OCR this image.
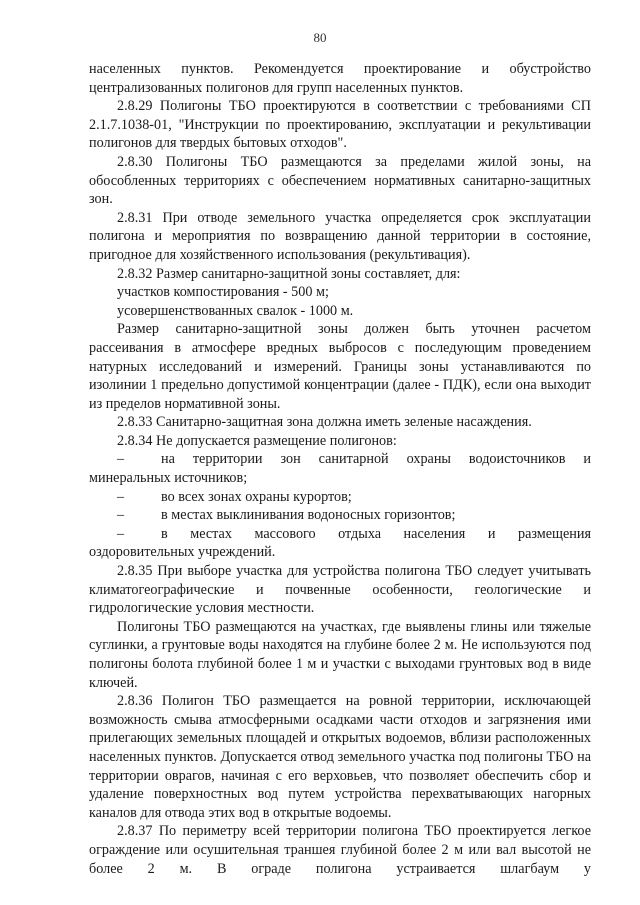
80

населенных пунктов. Рекомендуется проектирование и обустройство централизованных полигонов для групп населенных пунктов.

2.8.29 Полигоны ТБО проектируются в соответствии с требованиями СП 2.1.7.1038-01, "Инструкции по проектированию, эксплуатации и рекультивации полигонов для твердых бытовых отходов".

2.8.30 Полигоны ТБО размещаются за пределами жилой зоны, на обособленных территориях с обеспечением нормативных санитарно-защитных зон.

2.8.31 При отводе земельного участка определяется срок эксплуатации полигона и мероприятия по возвращению данной территории в состояние, пригодное для хозяйственного использования (рекультивация).

2.8.32 Размер санитарно-защитной зоны составляет, для:

участков компостирования - 500 м;

усовершенствованных свалок - 1000 м.

Размер санитарно-защитной зоны должен быть уточнен расчетом рассеивания в атмосфере вредных выбросов с последующим проведением натурных исследований и измерений. Границы зоны устанавливаются по изолинии 1 предельно допустимой концентрации (далее - ПДК), если она выходит из пределов нормативной зоны.

2.8.33 Санитарно-защитная зона должна иметь зеленые насаждения.

2.8.34 Не допускается размещение полигонов:

–	на территории зон санитарной охраны водоисточников и

минеральных источников;

–	во всех зонах охраны курортов;
–	в местах выклинивания водоносных горизонтов;
–	в местах массового отдыха населения и размещения

оздоровительных учреждений.

2.8.35 При выборе участка для устройства полигона ТБО следует учитывать климатогеографические и почвенные особенности, геологические и гидрологические условия местности.

Полигоны ТБО размещаются на участках, где выявлены глины или тяжелые суглинки, а грунтовые воды находятся на глубине более 2 м. Не используются под полигоны болота глубиной более 1 м и участки с выходами грунтовых вод в виде ключей.

2.8.36 Полигон ТБО размещается на ровной территории, исключающей возможность смыва атмосферными осадками части отходов и загрязнения ими прилегающих земельных площадей и открытых водоемов, вблизи расположенных населенных пунктов. Допускается отвод земельного участка под полигоны ТБО на территории оврагов, начиная с его верховьев, что позволяет обеспечить сбор и удаление поверхностных вод путем устройства перехватывающих нагорных каналов для отвода этих вод в открытые водоемы.

2.8.37 По периметру всей территории полигона ТБО проектируется легкое ограждение или осушительная траншея глубиной более 2 м или вал высотой не более 2 м. В ограде полигона устраивается шлагбаум у
